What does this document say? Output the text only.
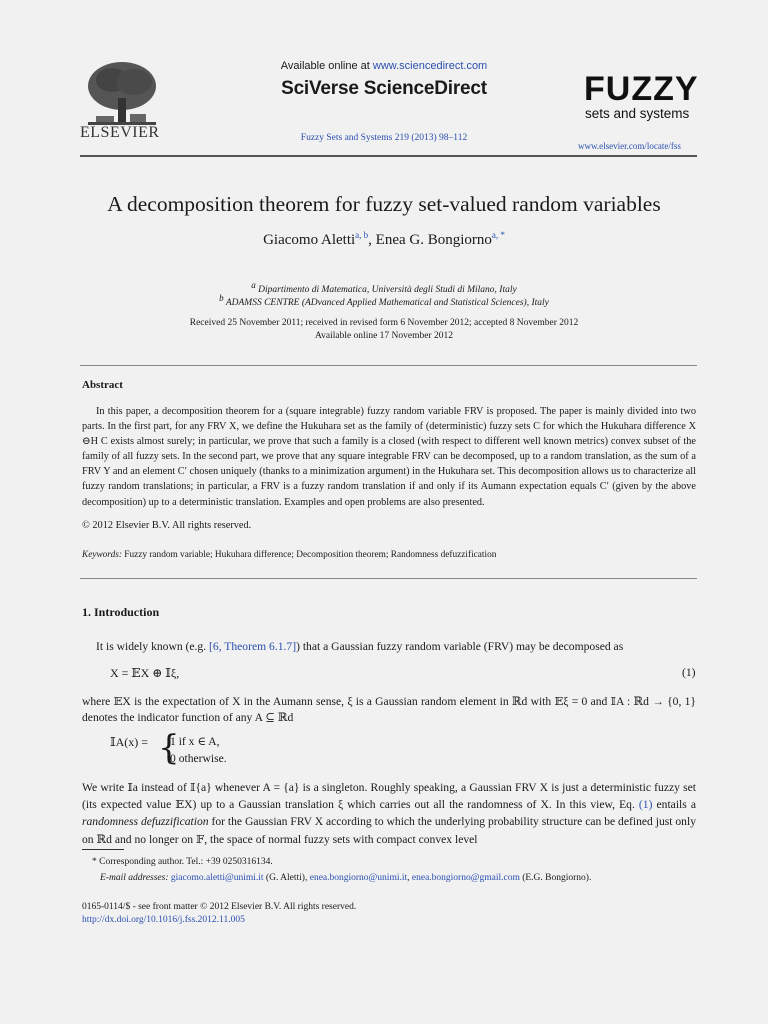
ELSEVIER
Available online at www.sciencedirect.com
SciVerse ScienceDirect
Fuzzy Sets and Systems 219 (2013) 98–112
FUZZY
sets and systems
www.elsevier.com/locate/fss
A decomposition theorem for fuzzy set-valued random variables
Giacomo Aletti$^{a, b}$, Enea G. Bongiorno$^{a, *}$
$^a$ Dipartimento di Matematica, Università degli Studi di Milano, Italy
$^b$ ADAMSS CENTRE (ADvanced Applied Mathematical and Statistical Sciences), Italy
Received 25 November 2011; received in revised form 6 November 2012; accepted 8 November 2012
Available online 17 November 2012
Abstract

In this paper, a decomposition theorem for a (square integrable) fuzzy random variable FRV is proposed. The paper is mainly divided into two parts. In the first part, for any FRV X, we define the Hukuhara set as the family of (deterministic) fuzzy sets C for which the Hukuhara difference X ⊖H C exists almost surely; in particular, we prove that such a family is a closed (with respect to different well known metrics) convex subset of the family of all fuzzy sets. In the second part, we prove that any square integrable FRV can be decomposed, up to a random translation, as the sum of a FRV Y and an element C′ chosen uniquely (thanks to a minimization argument) in the Hukuhara set. This decomposition allows us to characterize all fuzzy random translations; in particular, a FRV is a fuzzy random translation if and only if its Aumann expectation equals C′ (given by the above decomposition) up to a deterministic translation. Examples and open problems are also presented.

© 2012 Elsevier B.V. All rights reserved.
Keywords: Fuzzy random variable; Hukuhara difference; Decomposition theorem; Randomness defuzzification
1. Introduction
It is widely known (e.g. [6, Theorem 6.1.7]) that a Gaussian fuzzy random variable (FRV) may be decomposed as
X = 𝔼X ⊕ 𝕀ξ,	(1)
where 𝔼X is the expectation of X in the Aumann sense, ξ is a Gaussian random element in ℝd with 𝔼ξ = 0 and 𝕀A : ℝd → {0, 1} denotes the indicator function of any A ⊆ ℝd
𝕀A(x) = {
1 if x ∈ A,
0 otherwise.
We write 𝕀a instead of 𝕀{a} whenever A = {a} is a singleton. Roughly speaking, a Gaussian FRV X is just a deterministic fuzzy set (its expected value 𝔼X) up to a Gaussian translation ξ which carries out all the randomness of X. In this view, Eq. (1) entails a randomness defuzzification for the Gaussian FRV X according to which the underlying probability structure can be defined just only on ℝd and no longer on 𝔽, the space of normal fuzzy sets with compact convex level
* Corresponding author. Tel.: +39 0250316134.
E-mail addresses: giacomo.aletti@unimi.it (G. Aletti), enea.bongiorno@unimi.it, enea.bongiorno@gmail.com (E.G. Bongiorno).
0165-0114/$ - see front matter © 2012 Elsevier B.V. All rights reserved.
http://dx.doi.org/10.1016/j.fss.2012.11.005
